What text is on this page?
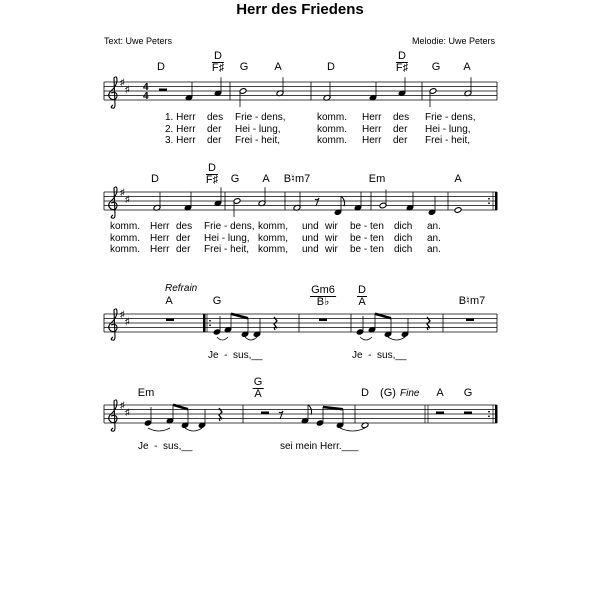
♯
♯ 4
4
♯
♯
♯
♯
♯
♯
Herr des Friedens
Text: Uwe Peters	Melodie: Uwe Peters
Refrain
Fine
D
D
F♯ G A	D
D
F♯ G A
1. Herr des Frie - dens,	komm. Herr des Frie - dens,
2. Herr der Hei - lung,	komm. Herr der Hei - lung,
3. Herr der Frei - heit,	komm. Herr der Frei - heit,
D
D
F♯ G A B♮m7	Em	A
komm. Herr des Frie - dens, komm, und wir be - ten dich an.
komm. Herr der Hei - lung, komm, und wir be - ten dich an.
komm. Herr der Frei - heit, komm, und wir be - ten dich an.
A	G
Gm6
B♭
D
A	B♮m7
Je  -  sus,__	Je  -  sus,__
Em
G
A	D (G)	A G
Je  -  sus,__	sei mein Herr.___
